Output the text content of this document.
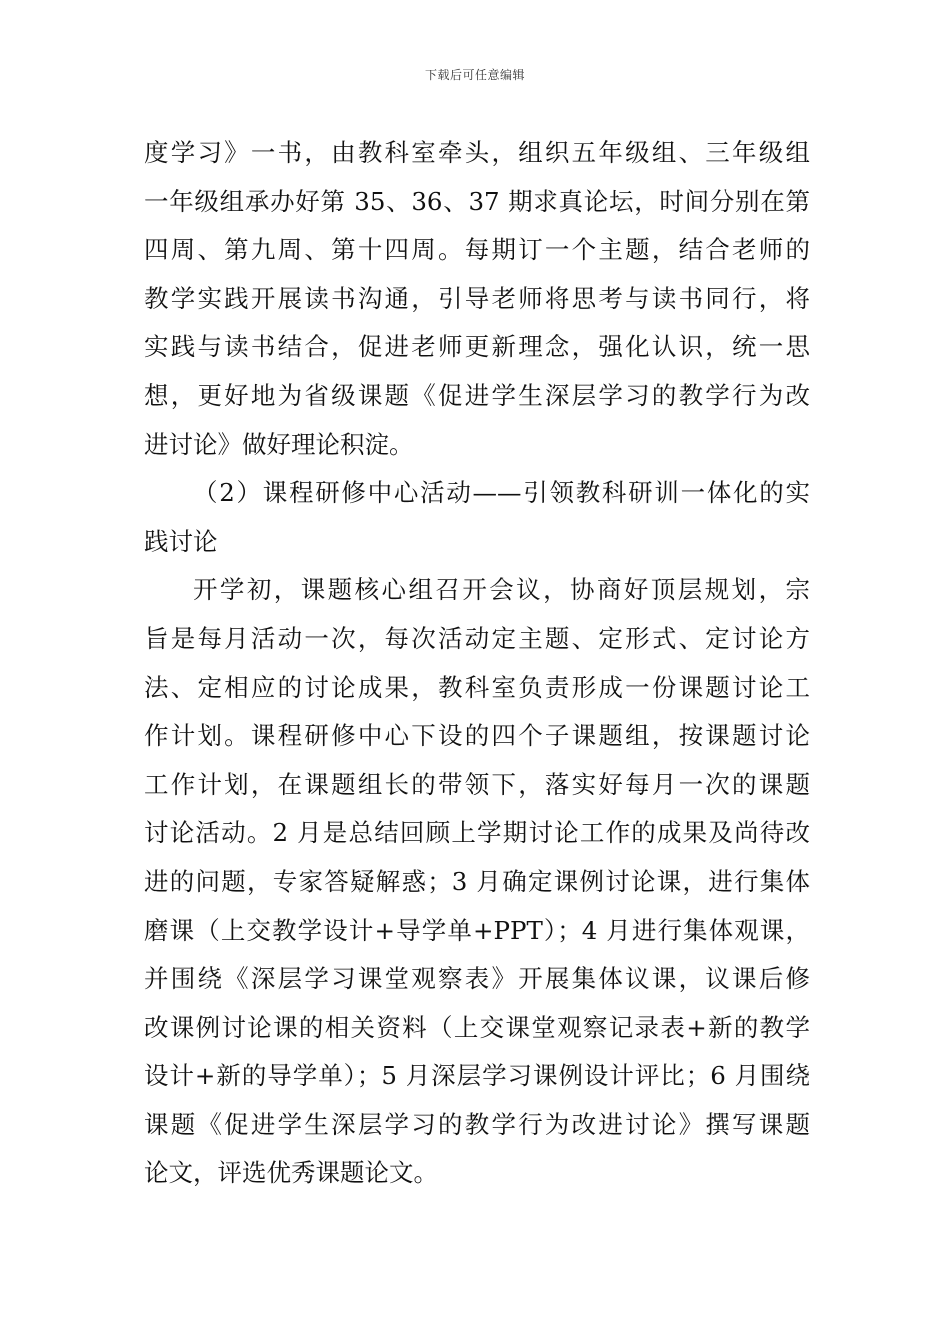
下载后可任意编辑
度学习》一书，由教科室牵头，组织五年级组、三年级组
一年级组承办好第 35、36、37 期求真论坛，时间分别在第
四周、第九周、第十四周。每期订一个主题，结合老师的
教学实践开展读书沟通，引导老师将思考与读书同行，将
实践与读书结合，促进老师更新理念，强化认识，统一思
想，更好地为省级课题《促进学生深层学习的教学行为改
进讨论》做好理论积淀。
（2）课程研修中心活动——引领教科研训一体化的实
践讨论
开学初，课题核心组召开会议，协商好顶层规划，宗
旨是每月活动一次，每次活动定主题、定形式、定讨论方
法、定相应的讨论成果，教科室负责形成一份课题讨论工
作计划。课程研修中心下设的四个子课题组，按课题讨论
工作计划，在课题组长的带领下，落实好每月一次的课题
讨论活动。2 月是总结回顾上学期讨论工作的成果及尚待改
进的问题，专家答疑解惑；3 月确定课例讨论课，进行集体
磨课（上交教学设计+导学单+PPT）；4 月进行集体观课，
并围绕《深层学习课堂观察表》开展集体议课，议课后修
改课例讨论课的相关资料（上交课堂观察记录表+新的教学
设计+新的导学单）；5 月深层学习课例设计评比；6 月围绕
课题《促进学生深层学习的教学行为改进讨论》撰写课题
论文，评选优秀课题论文。
